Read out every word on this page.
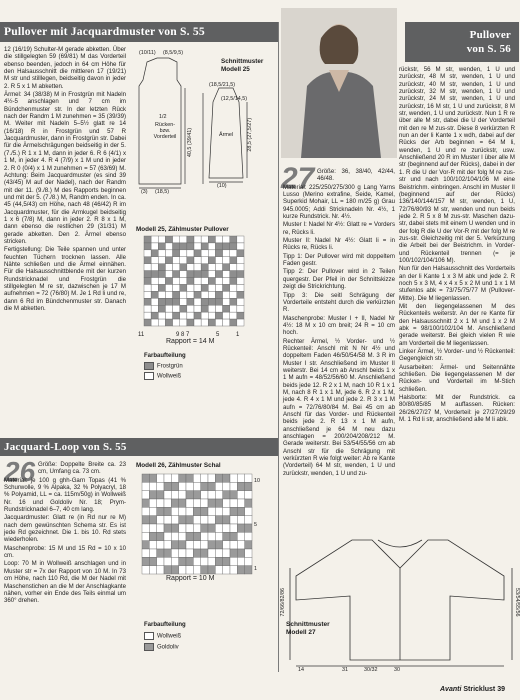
Pullover mit Jacquardmuster von S. 55

12 (16/19) Schulter-M gerade abketten. Über die stillgelegten 59 (69/81) M das Vorderteil ebenso beenden, jedoch in 64 cm Höhe für den Halsausschnitt die mittleren 17 (19/21) M str und stilllegen, beidseitig davon in jeder 2. R 5 x 1 M abketten.

Ärmel: 34 (38/38) M in Frostgrün mit Nadeln 4½-5 anschlagen und 7 cm im Bündchenmuster str. In der letzten Rück nach der Randm 1 M zunehmen = 35 (39/39) M. Weiter mit Nadeln 5–5½ glatt re 14 (16/18) R in Frostgrün und 57 R Jacquardmuster, dann in Frostgrün str. Dabei für die Ärmelschrägungen beidseitig in der 5. (7./5.) R 1 x 1 M, dann in jeder 6. R 6 (4/1) x 1 M, in jeder 4. R 4 (7/9) x 1 M und in jeder 2. R 0 (0/4) x 1 M zunehmen = 57 (63/69) M. Achtung: Beim Jacquardmuster (es sind 39 (43/45) M auf der Nadel), nach der Randm mit der 11. (9./8.) M des Rapports beginnen und mit der 5. (7./8.) M, Randm enden. In ca. 45 (44,5/43) cm Höhe, nach 48 (46/42) R im Jacquardmuster, für die Armkugel beidseitig 1 x 6 (7/8) M, dann in jeder 2. R 8 x 1 M, dann ebenso die restlichen 29 (31/31) M gerade abketten. Den 2. Ärmel ebenso stricken.

Fertigstellung: Die Teile spannen und unter feuchten Tüchern trocknen lassen. Alle Nähte schließen und die Ärmel einnähen. Für die Halsausschnittblende mit der kurzen Rundstricknadel und Frostgrün die stillgelegten M re str, dazwischen je 17 M aufnehmen = 72 (76/80) M. Je 1 Rd li und re, dann 6 Rd im Bündchenmuster str. Danach die M abketten.

Schnittmuster
Modell 25
(10/11) (8,5/9,5)
(18,5/21,5)
(12,5/14,5)
Rücken- bzw. Vorderteil	Ärmel
1/2
40,5 (39/41)	28,5 (27,5/27)
(3) (18,5)
(10)
Modell 25, Zählmuster Pullover
11	9 8 7	5	1
Rapport = 14 M
Farbaufteilung
Frostgrün
Wollweiß
Jacquard-Loop von S. 55
26 Größe: Doppelte Breite ca. 23 cm, Umfang ca. 73 cm.

Material: je 100 g ghh-Garn Topas (41 % Schurwolle, 9 % Alpaka, 32 % Polyacryl, 18 % Polyamid, LL = ca. 115m/50g) in Wollweiß Nr. 16 und Goldoliv Nr. 18; Prym-Rundstricknadel 6–7, 40 cm lang.

Jacquardmuster: Glatt re (in Rd nur re M) nach dem gewünschten Schema str. Es ist jede Rd gezeichnet. Die 1. bis 10. Rd stets wiederholen.

Maschenprobe: 15 M und 15 Rd = 10 x 10 cm.

Loop: 70 M in Wollweiß anschlagen und in Muster str = 7x der Rapport von 10 M. In 73 cm Höhe, nach 110 Rd, die M der Nadel mit Maschenstichen an die M der Anschlagkante nähen, vorher ein Ende des Teils einmal um 360° drehen.

Modell 26, Zählmuster Schal
10
5
1
Rapport = 10 M
Farbaufteilung
Wollweiß
Goldoliv
Pullover
von S. 56
27 Größe: 36, 38/40, 42/44, 46/48.

Material: 225/250/275/300 g Lang Yarns Lusso (Merino extrafine, Seide, Kamel, Superkid Mohair, LL = 180 m/25 g) Grau 945.0005; Addi Stricknadeln Nr. 4½, 1 kurze Rundstrick. Nr. 4½.

Muster I: Nadel Nr 4½: Glatt re = Vorders re, Rücks li.

Muster II: Nadel Nr 4½: Glatt li = in Rücks re, Rücks li.

Tipp 1: Der Pullover wird mit doppeltem Faden gestr.

Tipp 2: Der Pullover wird in 2 Teilen quergestr. Der Pfeil in der Schnittskizze zeigt die Strickrichtung.

Tipp 3: Die seitl Schrägung der Vorderteile entsteht durch die verkürzten R.

Maschenprobe: Muster I + II, Nadel Nr 4½: 18 M x 10 cm breit; 24 R = 10 cm hoch.

Rechter Ärmel, ½ Vorder- und ½ Rückenteil: Anschl mit N Nr 4½ und doppeltem Faden 46/50/54/58 M. 3 R im Muster I str. Anschließend im Muster II weiterstr. Bei 14 cm ab Anschl beids 1 x 1 M aufn = 48/52/56/60 M. Anschließend beids jede 12. R 2 x 1 M, nach 10 R 1 x 1 M, nach 8 R 1 x 1 M, jede 6. R 2 x 1 M, jede 4. R 4 x 1 M und jede 2. R 3 x 1 M aufn = 72/76/80/84 M. Bei 45 cm ab Anschl für das Vorder- und Rückenteil beids jede 2. R 13 x 1 M aufn, anschließend je 64 M neu dazu anschlagen = 200/204/208/212 M. Gerade weiterstr. Bei 53/54/55/56 cm ab Anschl str für die Schrägung mit verkürzten R wie folgt weiter: Ab re Kante (Vorderteil) 64 M str, wenden, 1 U und zurückstr, wenden, 1 U und zu-

rückstr, 56 M str, wenden, 1 U und zurückstr, 48 M str, wenden, 1 U und zurückstr, 40 M str, wenden, 1 U und zurückstr, 32 M str, wenden, 1 U und zurückstr, 24 M str, wenden, 1 U und zurückstr, 16 M str, 1 U und zurückstr, 8 M str, wenden, 1 U und zurückstr. Nun 1 R re über alle M str, dabei die U der Vorderteil mit den re M zus-str. Diese 8 verkürzten R nun an der li Kante 1 x wdh, dabei auf der Rücks der Arb beginnen = 64 M li, wenden, 1 U und re zurückstr, usw. Anschließend 20 R im Muster I über alle M str (beginnend auf der Rücks), dabei in der 1. R die U der Vor-R mit der folg M re zus-str und nach 100/102/104/106 M eine Beistrichm. einbringen. Anschl im Muster II (beginnend auf der Rücks) 136/140/144/157 M str, wenden, 1 U, 72/76/80/93 M str, wenden und nun beids jede 2. R 5 x 8 M zus-str. Maschen dazu-str, dabei stets mit einem U wenden und in der folg R die U der Vor-R mit der folg M re zus-str. Gleichzeitig mit der 5. Verkürzung die Arbeit bei der Beistrichm. in Vorder- und Rückenteil trennen (= je 100/102/104/106 M).

Nun für den Halsausschnitt des Vorderteils an der li Kante 1 x 3 M abk und jede 2. R noch 5 x 3 M, 4 x 4 x 5 x 2 M und 1 x 1 M stufenlos abk = 73/75/75/77 M (Pullover-Mitte). Die M liegenlassen.

Mit den liegengelassenen M des Rückenteils weiterstr. An der re Kante für den Halsausschnitt 2 x 1 M und 1 x 2 M abk = 98/100/102/104 M. Anschließend gerade weiterstr. Bei gleich vielen R wie am Vorderteil die M liegenlassen.

Linker Ärmel, ½ Vorder- und ½ Rückenteil: Gegengleich str.

Ausarbeiten: Ärmel- und Seitennähte schließen. Die liegengelassenen M der Rücken- und Vorderteil im M-Stich schließen.

Halsborte: Mit der Rundstrick. ca 80/80/85/85 M auffassen. Rücken: 26/26/27/27 M, Vorderteil: je 27/27/29/29 M. 1 Rd li str, anschließend alle M li abk.

Schnittmuster
Modell 27
72/66/82/86
31	30/32	30
14
53/54/55/56
Avanti Stricklust 39
